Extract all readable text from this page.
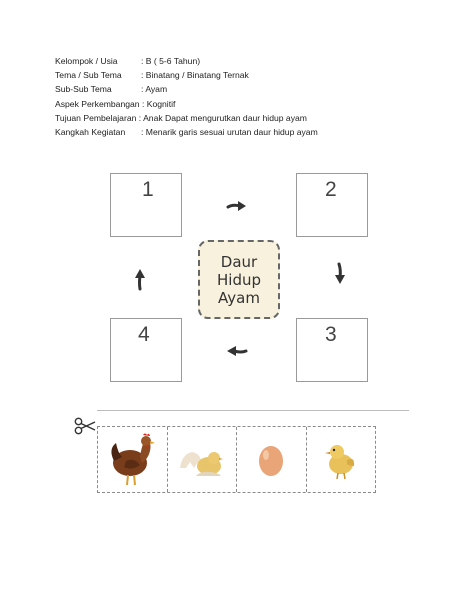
Kelompok / Usia	: B ( 5-6 Tahun)
Tema / Sub Tema : Binatang / Binatang Ternak
Sub-Sub Tema	: Ayam
Aspek Perkembangan : Kognitif
Tujuan Pembelajaran : Anak Dapat mengurutkan daur hidup ayam
Kangkah Kegiatan : Menarik garis sesuai urutan daur hidup ayam
1	2
3
4
Daur
Hidup
Ayam
